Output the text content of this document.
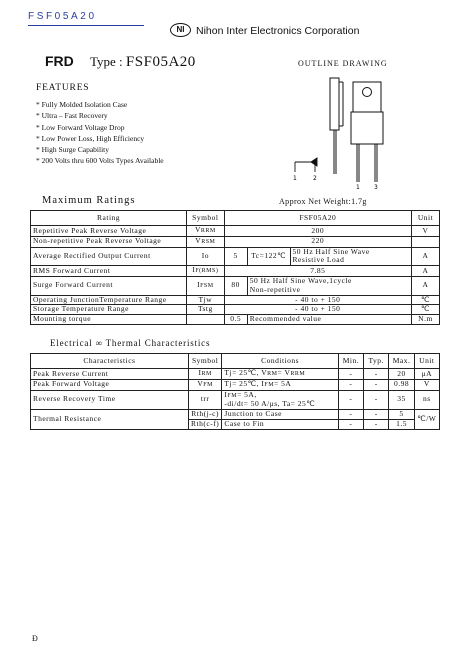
FSF05A20
NI	Nihon Inter Electronics Corporation
FRD Type : FSF05A20	OUTLINE DRAWING
FEATURES
* Fully Molded Isolation Case
* Ultra – Fast Recovery
* Low Forward Voltage Drop
* Low Power Loss, High Efficiency
* High Surge Capability
* 200 Volts thru 600 Volts Types Available
1	2
1 3
Maximum Ratings	Approx Net Weight:1.7g
Rating	Symbol	FSF05A20			Unit
Repetitive Peak Reverse Voltage	VRRM	200			V
Non-repetitive Peak Reverse Voltage	VRSM	220			
Average Rectified Output Current	Io	5	Tc=122℃	50 Hz Half Sine Wave
Resistive Load	A
RMS Forward Current	IF(RMS)	7.85			A
Surge Forward Current	IFSM	80	50 Hz Half Sine Wave,1cycle
Non-repetitive		A
Operating JunctionTemperature Range	Tjw	- 40 to + 150			℃
Storage Temperature Range	Tstg	- 40 to + 150			℃
Mounting torque		0.5	Recommended value		N.m
Electrical ∞ Thermal Characteristics
Characteristics	Symbol	Conditions	Min.	Typ.	Max.	Unit
Peak Reverse Current	IRM	Tj= 25℃, VRM= VRRM	-	-	20	μA
Peak Forward Voltage	VFM	Tj= 25℃, IFM= 5A	-	-	0.98	V
Reverse Recovery Time	trr	IFM= 5A,
-di/dt= 50 A/μs, Ta= 25℃	-	-	35	ns
Thermal Resistance	Rth(j-c)	Junction to Case	-	-	5	℃/W
	Rth(c-f)	Case to Fin	-	-	1.5	
Đ
